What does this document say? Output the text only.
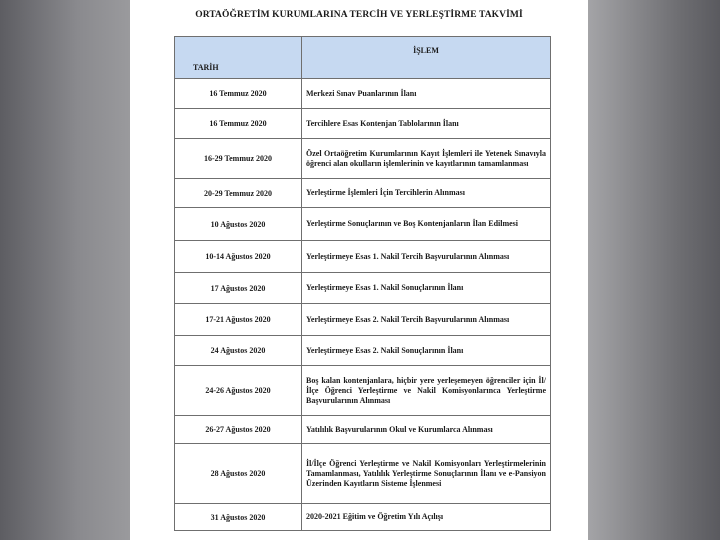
ORTAÖĞRETİM KURUMLARINA TERCİH VE YERLEŞTİRME TAKVİMİ
TARİH	İŞLEM
16 Temmuz 2020	Merkezi Sınav Puanlarının İlanı
16 Temmuz 2020	Tercihlere Esas Kontenjan Tablolarının İlanı
16-29 Temmuz 2020	Özel Ortaöğretim Kurumlarının Kayıt İşlemleri ile Yetenek Sınavıyla öğrenci alan okulların işlemlerinin ve kayıtlarının tamamlanması
20-29 Temmuz 2020	Yerleştirme İşlemleri İçin Tercihlerin Alınması
10 Ağustos 2020	Yerleştirme Sonuçlarının ve Boş Kontenjanların İlan Edilmesi
10-14 Ağustos 2020	Yerleştirmeye Esas 1. Nakil Tercih Başvurularının Alınması
17 Ağustos 2020	Yerleştirmeye Esas 1. Nakil Sonuçlarının İlanı
17-21 Ağustos 2020	Yerleştirmeye Esas 2. Nakil Tercih Başvurularının Alınması
24 Ağustos 2020	Yerleştirmeye Esas 2. Nakil Sonuçlarının İlanı
24-26 Ağustos 2020	Boş kalan kontenjanlara, hiçbir yere yerleşemeyen öğrenciler için İl/İlçe Öğrenci Yerleştirme ve Nakil Komisyonlarınca Yerleştirme Başvurularının Alınması
26-27 Ağustos 2020	Yatılılık Başvurularının Okul ve Kurumlarca Alınması
28 Ağustos 2020	İl/İlçe Öğrenci Yerleştirme ve Nakil Komisyonları Yerleştirmelerinin Tamamlanması, Yatılılık Yerleştirme Sonuçlarının İlanı ve e-Pansiyon Üzerinden Kayıtların Sisteme İşlenmesi
31 Ağustos 2020	2020-2021 Eğitim ve Öğretim Yılı Açılışı
